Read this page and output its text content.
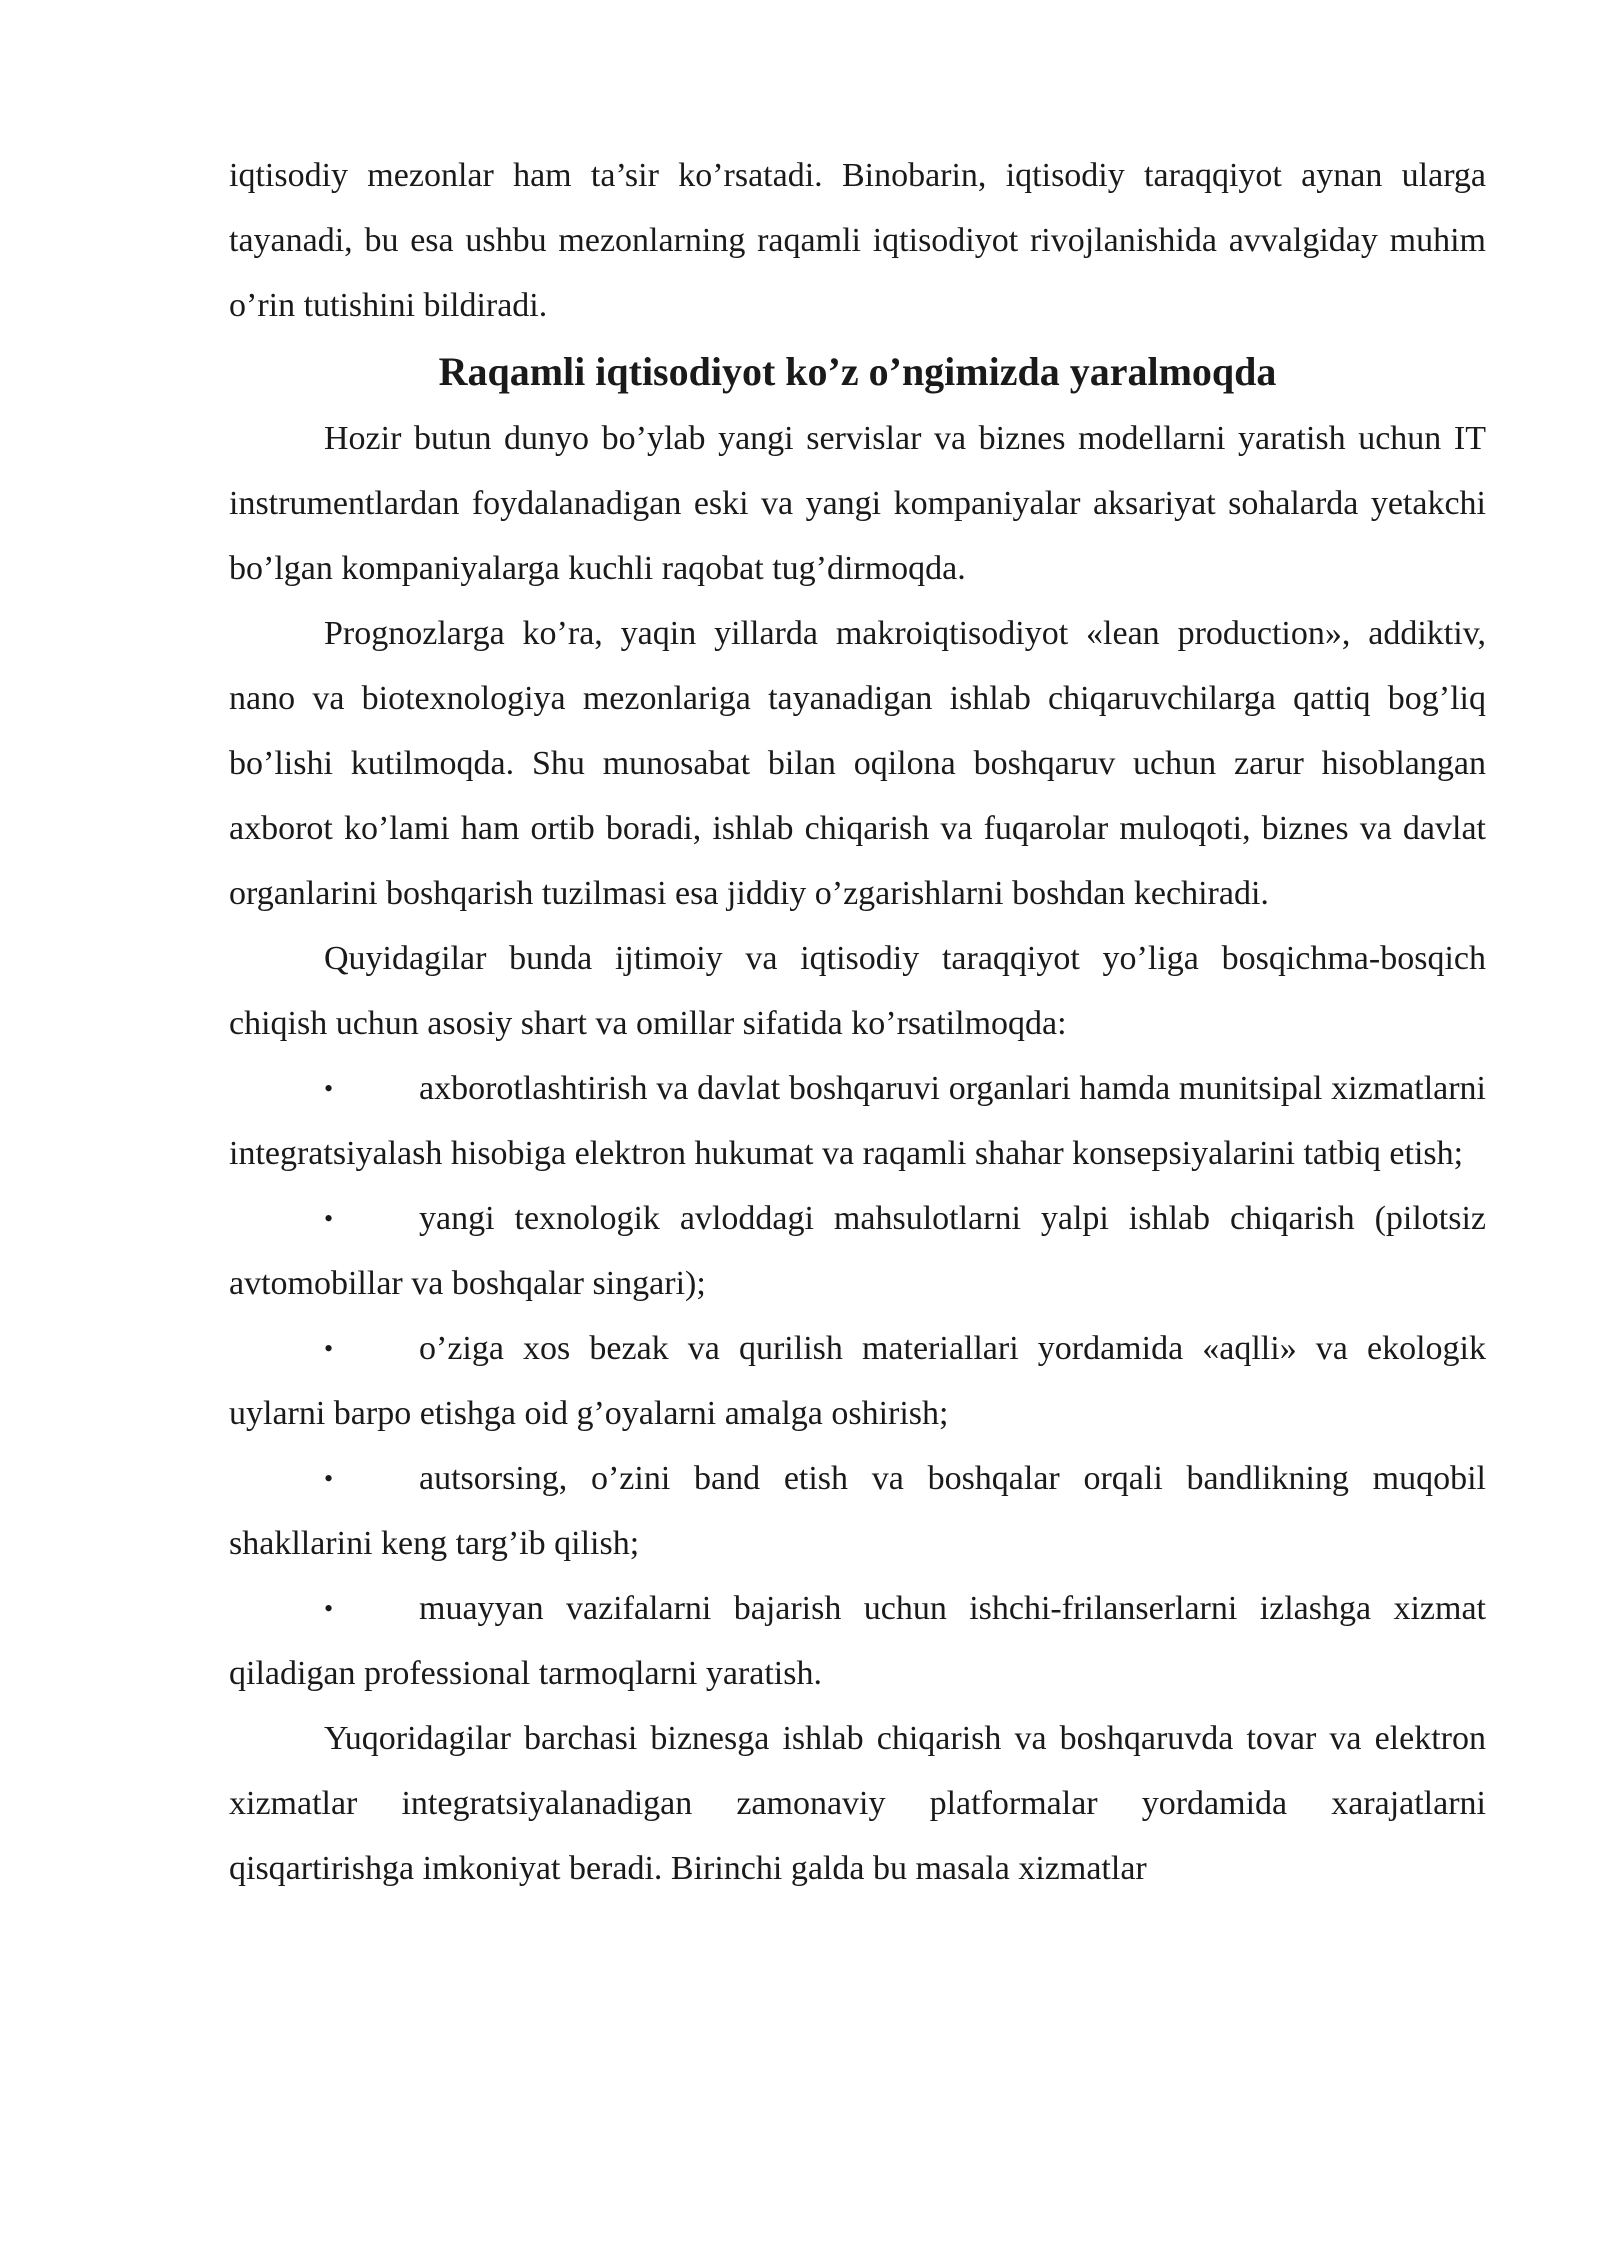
iqtisodiy mezonlar ham ta’sir ko’rsatadi. Binobarin, iqtisodiy taraqqiyot aynan ularga tayanadi, bu esa ushbu mezonlarning raqamli iqtisodiyot rivojlanishida avvalgiday muhim o’rin tutishini bildiradi.

Raqamli iqtisodiyot ko’z o’ngimizda yaralmoqda

Hozir butun dunyo bo’ylab yangi servislar va biznes modellarni yaratish uchun IT instrumentlardan foydalanadigan eski va yangi kompaniyalar aksariyat sohalarda yetakchi bo’lgan kompaniyalarga kuchli raqobat tug’dirmoqda.

Prognozlarga ko’ra, yaqin yillarda makroiqtisodiyot «lean production», addiktiv, nano va biotexnologiya mezonlariga tayanadigan ishlab chiqaruvchilarga qattiq bog’liq bo’lishi kutilmoqda. Shu munosabat bilan oqilona boshqaruv uchun zarur hisoblangan axborot ko’lami ham ortib boradi, ishlab chiqarish va fuqarolar muloqoti, biznes va davlat organlarini boshqarish tuzilmasi esa jiddiy o’zgarishlarni boshdan kechiradi.

Quyidagilar bunda ijtimoiy va iqtisodiy taraqqiyot yo’liga bosqichma-bosqich chiqish uchun asosiy shart va omillar sifatida ko’rsatilmoqda:

•	axborotlashtirish va davlat boshqaruvi organlari hamda munitsipal xizmatlarni integratsiyalash hisobiga elektron hukumat va raqamli shahar konsepsiyalarini tatbiq etish;
•	yangi texnologik avloddagi mahsulotlarni yalpi ishlab chiqarish (pilotsiz avtomobillar va boshqalar singari);
•	o’ziga xos bezak va qurilish materiallari yordamida «aqlli» va ekologik uylarni barpo etishga oid g’oyalarni amalga oshirish;
•	autsorsing, o’zini band etish va boshqalar orqali bandlikning muqobil shakllarini keng targ’ib qilish;
•	muayyan vazifalarni bajarish uchun ishchi-frilanserlarni izlashga xizmat qiladigan professional tarmoqlarni yaratish.

Yuqoridagilar barchasi biznesga ishlab chiqarish va boshqaruvda tovar va elektron xizmatlar integratsiyalanadigan zamonaviy platformalar yordamida xarajatlarni qisqartirishga imkoniyat beradi. Birinchi galda bu masala xizmatlar
